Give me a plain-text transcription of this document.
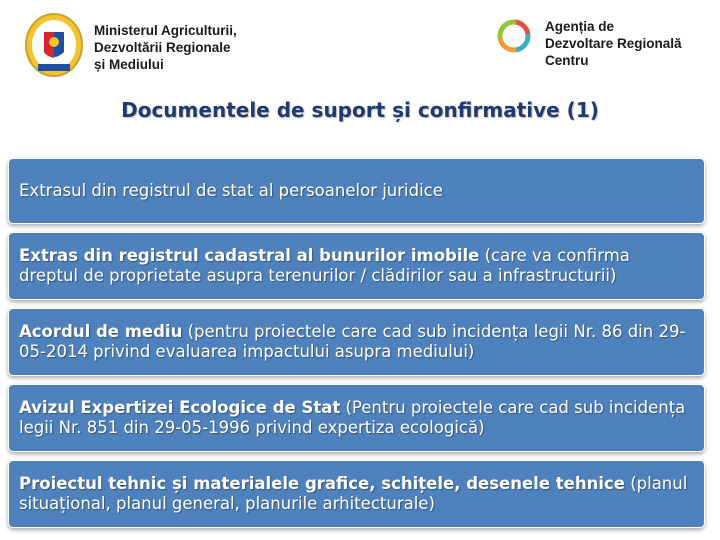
Ministerul Agriculturii,
Dezvoltării Regionale
și Mediului
Agenția de
Dezvoltare Regională
Centru
Documentele de suport și confirmative (1)
Extrasul din registrul de stat al persoanelor juridice
Extras din registrul cadastral al bunurilor imobile (care va confirma dreptul de proprietate asupra terenurilor / clădirilor sau a infrastructurii)
Acordul de mediu (pentru proiectele care cad sub incidența legii Nr. 86 din 29-05-2014 privind evaluarea impactului asupra mediului)
Avizul Expertizei Ecologice de Stat (Pentru proiectele care cad sub incidența legii Nr. 851 din 29-05-1996 privind expertiza ecologică)
Proiectul tehnic și materialele grafice, schițele, desenele tehnice (planul situațional, planul general, planurile arhitecturale)
